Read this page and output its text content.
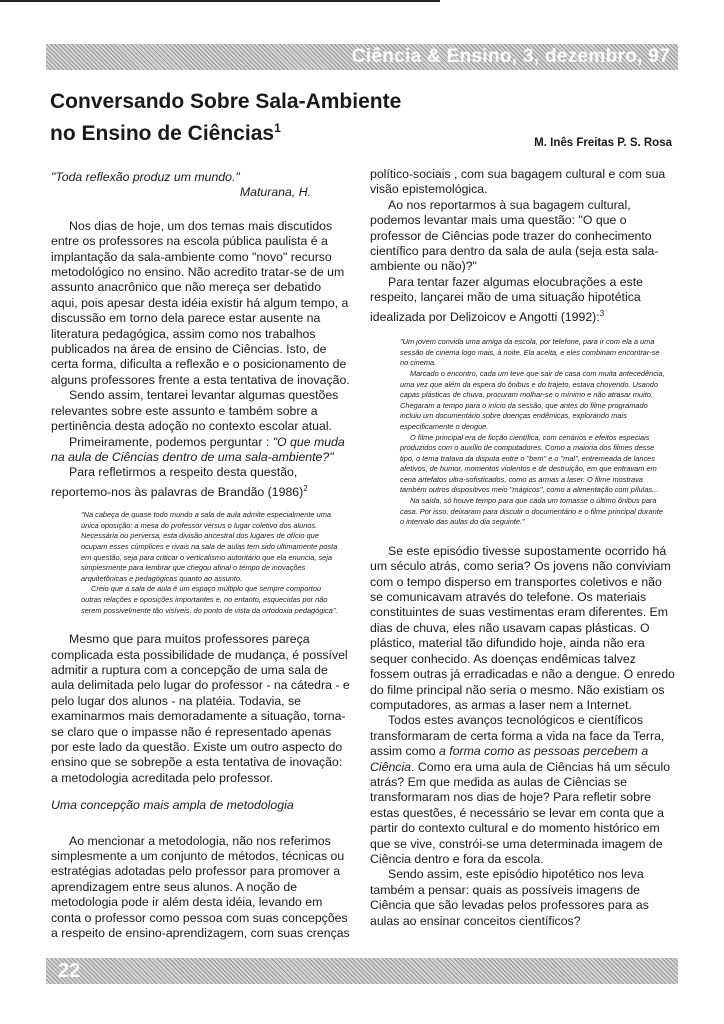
Ciência & Ensino, 3, dezembro, 97
Conversando Sobre Sala-Ambiente
no Ensino de Ciências$^1$
M. Inês Freitas P. S. Rosa

"Toda reflexão produz um mundo."

Maturana, H.

Nos dias de hoje, um dos temas mais discutidos entre os professores na escola pública paulista é a implantação da sala-ambiente como "novo" recurso metodológico no ensino. Não acredito tratar-se de um assunto anacrônico que não mereça ser debatido aqui, pois apesar desta idéia existir há algum tempo, a discussão em torno dela parece estar ausente na literatura pedagógica, assim como nos trabalhos publicados na área de ensino de Ciências. Isto, de certa forma, dificulta a reflexão e o posicionamento de alguns professores frente a esta tentativa de inovação.

Sendo assim, tentarei levantar algumas questões relevantes sobre este assunto e também sobre a pertinência desta adoção no contexto escolar atual.

Primeiramente, podemos perguntar : "O que muda na aula de Ciências dentro de uma sala-ambiente?"

Para refletirmos a respeito desta questão, reportemo-nos às palavras de Brandão $(1986)^2$

"Na cabeça de quase todo mundo a sala de aula admite especialmente uma única oposição: a mesa do professor versus o lugar coletivo dos alunos. Necessária ou perversa, esta divisão ancestral dos lugares de ofício que ocupam esses cúmplices e rivais na sala de aulas tem sido ultimamente posta em questão, seja para criticar o verticalismo autoritário que ela enuncia, seja simplesmente para lembrar que chegou afinal o tempo de inovações arquitetônicas e pedagógicas quanto ao assunto.

Creio que a sala de aula é um espaço múltiplo que sempre comportou outras relações e oposições importantes e, no entanto, esquecidas por não serem possivelmente tão visíveis, do ponto de vista da ortodoxia pedagógica".

Mesmo que para muitos professores pareça complicada esta possibilidade de mudança, é possível admitir a ruptura com a concepção de uma sala de aula delimitada pelo lugar do professor - na cátedra - e pelo lugar dos alunos - na platéia. Todavia, se examinarmos mais demoradamente a situação, torna-se claro que o impasse não é representado apenas por este lado da questão. Existe um outro aspecto do ensino que se sobrepõe a esta tentativa de inovação: a metodologia acreditada pelo professor.

Uma concepção mais ampla de metodologia

Ao mencionar a metodologia, não nos referimos simplesmente a um conjunto de métodos, técnicas ou estratégias adotadas pelo professor para promover a aprendizagem entre seus alunos. A noção de metodologia pode ir além desta idéia, levando em conta o professor como pessoa com suas concepções a respeito de ensino-aprendizagem, com suas crenças

político-sociais , com sua bagagem cultural e com sua visão epistemológica.

Ao nos reportarmos à sua bagagem cultural, podemos levantar mais uma questão: "O que o professor de Ciências pode trazer do conhecimento científico para dentro da sala de aula (seja esta sala-ambiente ou não)?"

Para tentar fazer algumas elocubrações a este respeito, lançarei mão de uma situação hipotética idealizada por Delizoicov e Angotti (1992):$^3$

"Um jovem convida uma amiga da escola, por telefone, para ir com ela a uma sessão de cinema logo mais, à noite. Ela aceita, e eles combinam encontrar-se no cinema.

Marcado o encontro, cada um teve que sair de casa com muita antecedência, uma vez que além da espera do ônibus e do trajeto, estava chovendo. Usando capas plásticas de chuva, procuram molhar-se o mínimo e não atrasar muito. Chegaram a tempo para o início da sessão, que antes do filme programado incluiu um documentário sobre doenças endêmicas, explorando mais especificamente o dengue.

O filme principal era de ficção científica, com cenários e efeitos especiais produzidos com o auxílio de computadores. Como a maioria dos filmes desse tipo, o tema tratava da disputa entre o "bem" e o "mal", entremeada de lances afetivos, de humor, momentos violentos e de destruição, em que entravam em cena artefatos ultra-sofisticados, como as armas a laser. O filme mostrava também outros dispositivos meio "mágicos", como a alimentação com pílulas...

Na saída, só houve tempo para que cada um tomasse o último ônibus para casa. Por isso, deixaram para discutir o documentário e o filme principal durante o intervalo das aulas do dia seguinte."

Se este episódio tivesse supostamente ocorrido há um século atrás, como seria? Os jovens não conviviam com o tempo disperso em transportes coletivos e não se comunicavam através do telefone. Os materiais constituintes de suas vestimentas eram diferentes. Em dias de chuva, eles não usavam capas plásticas. O plástico, material tão difundido hoje, ainda não era sequer conhecido. As doenças endêmicas talvez fossem outras já erradicadas e não a dengue. O enredo do filme principal não seria o mesmo. Não existiam os computadores, as armas a laser nem a Internet.

Todos estes avanços tecnológicos e científicos transformaram de certa forma a vida na face da Terra, assim como a forma como as pessoas percebem a Ciência. Como era uma aula de Ciências há um século atrás? Em que medida as aulas de Ciências se transformaram nos dias de hoje? Para refletir sobre estas questões, é necessário se levar em conta que a partir do contexto cultural e do momento histórico em que se vive, constrói-se uma determinada imagem de Ciência dentro e fora da escola.

Sendo assim, este episódio hipotético nos leva também a pensar: quais as possíveis imagens de Ciência que são levadas pelos professores para as aulas ao ensinar conceitos científicos?

22
